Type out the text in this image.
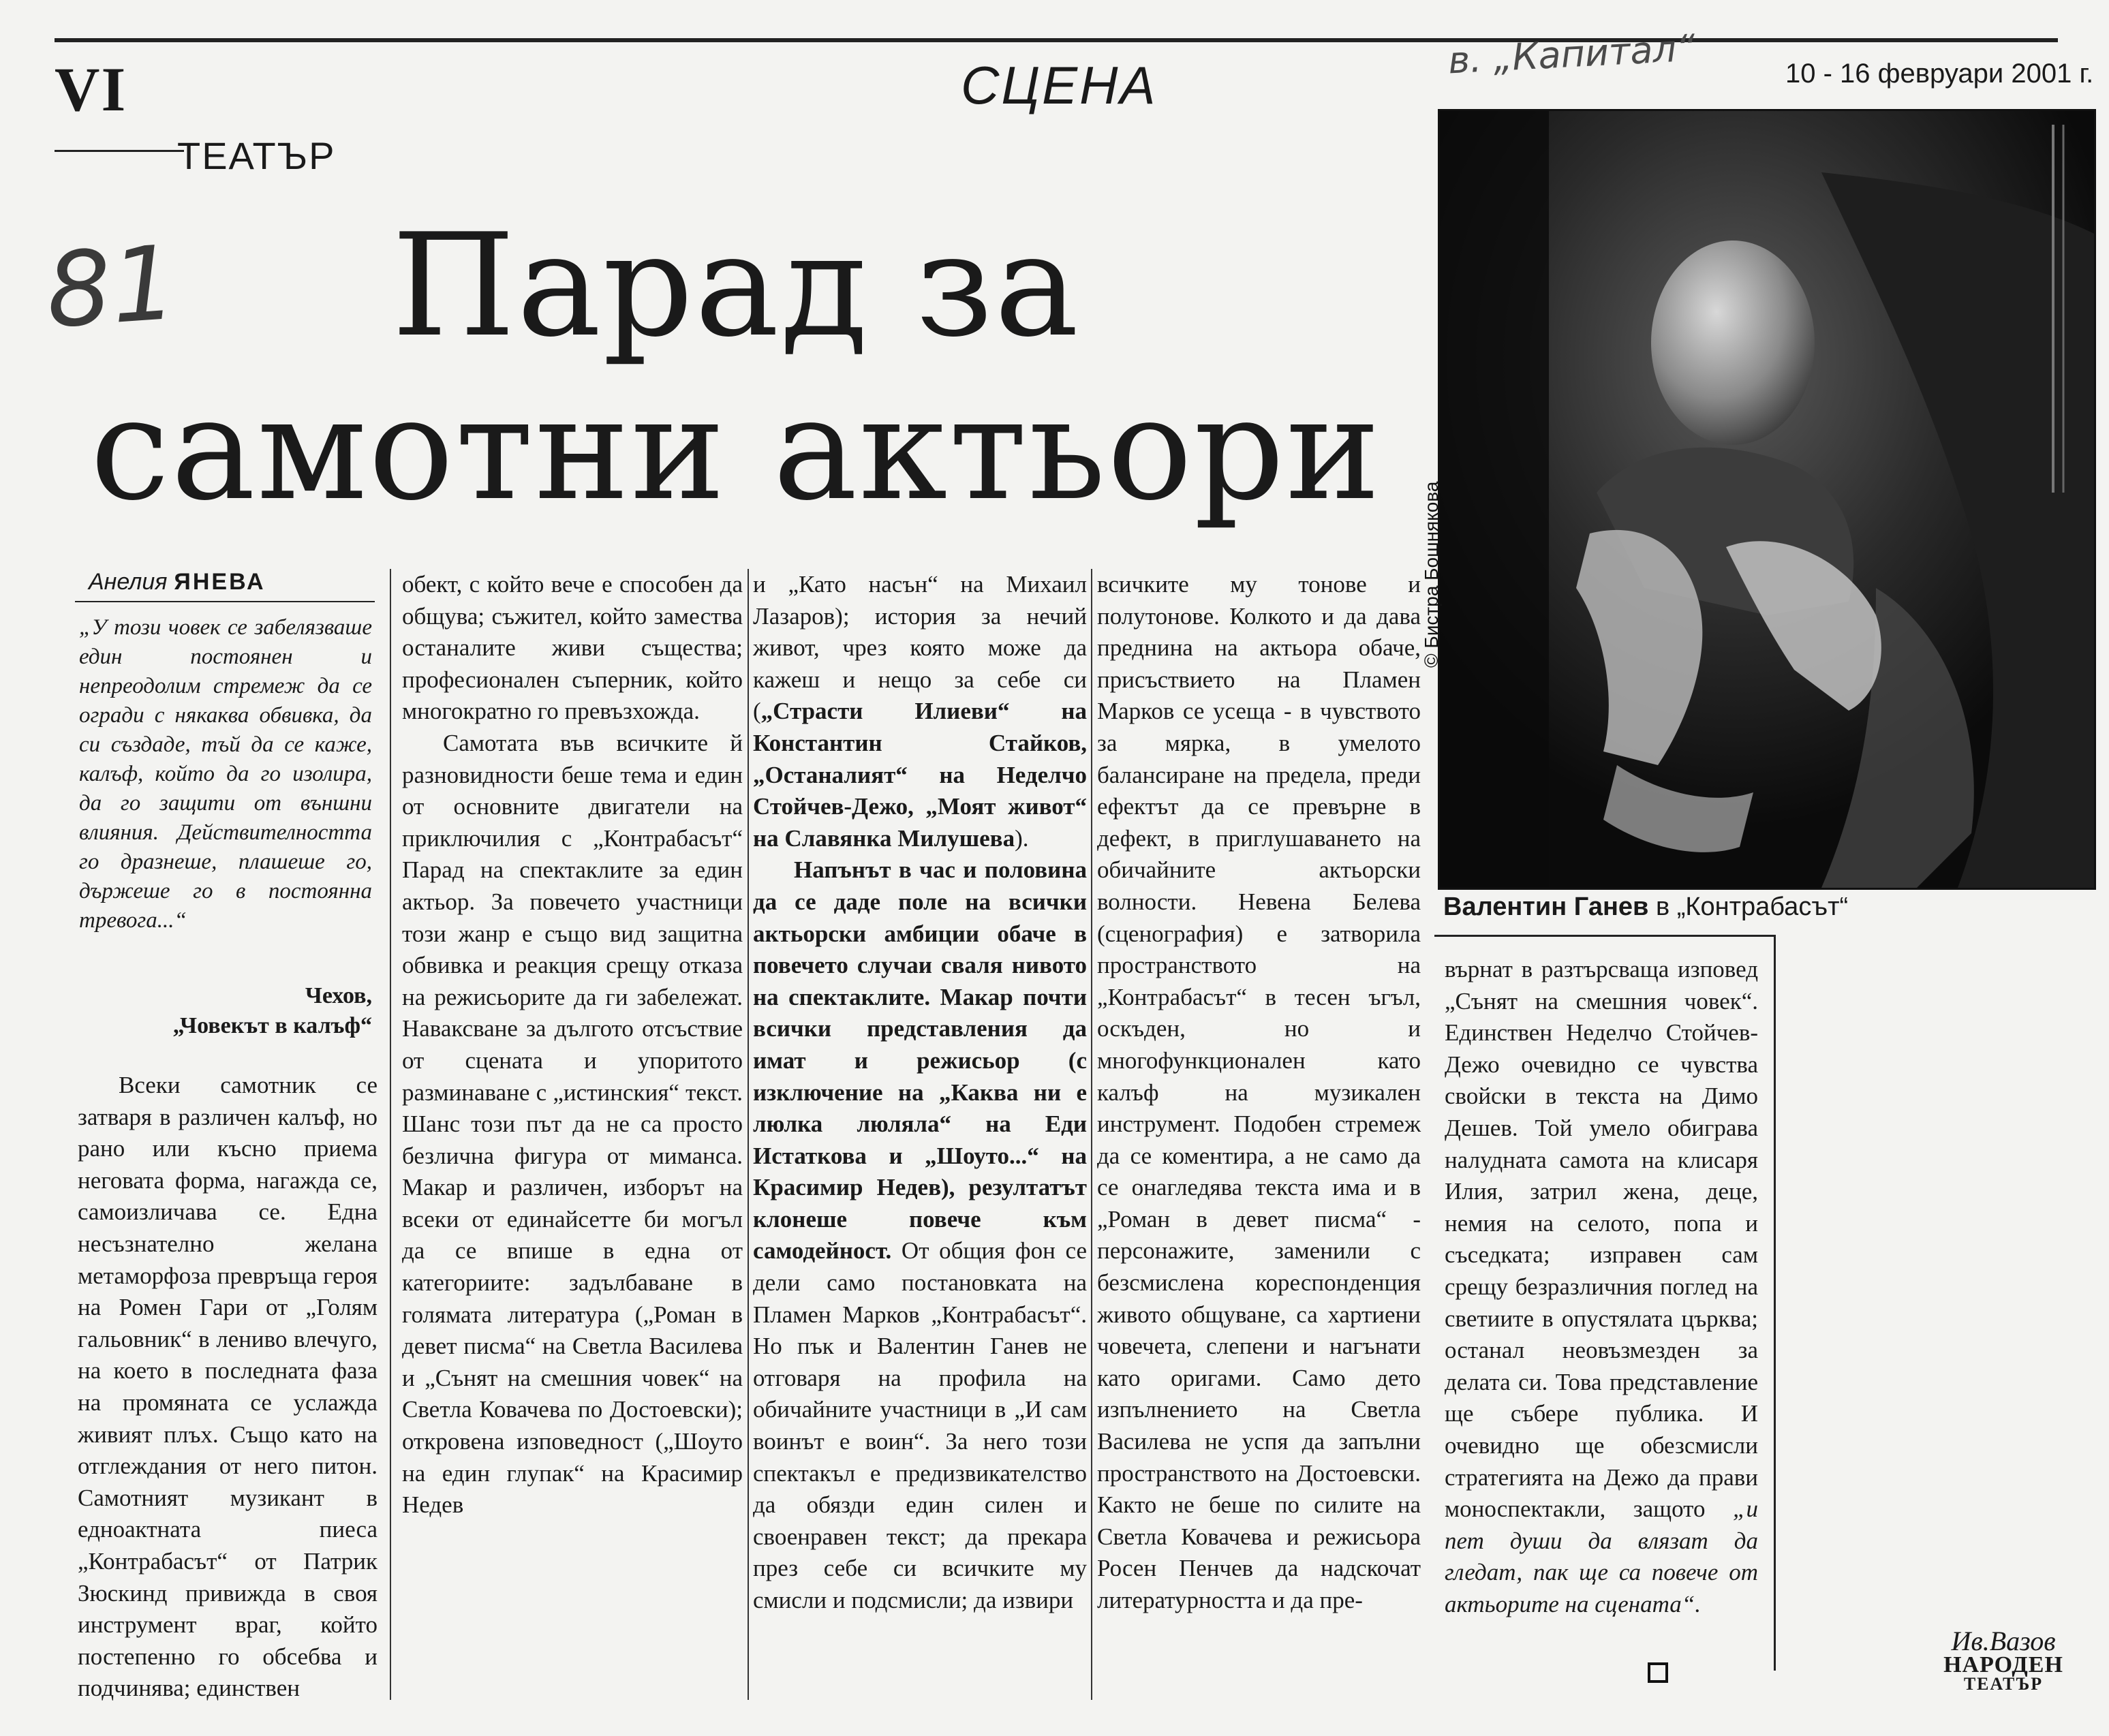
VI	СЦЕНА
в. „Капитал“	10 - 16 февруари 2001 г.
ТЕАТЪР
81	Парад за
самотни актьори
© Бистра Бошнякова
Валентин Ганев в „Контрабасът“
Анелия ЯНЕВА
„У този човек се забелязваше един постоянен и непреодолим стремеж да се огради с някаква обвивка, да си създаде, тъй да се каже, калъф, който да го изолира, да го защити от външни влияния. Действителността го дразнеше, плашеше го, държеше го в постоянна тревога...“
Чехов,
„Човекът в калъф“

Всеки самотник се затваря в различен калъф, но рано или късно приема неговата форма, нагажда се, самоизличава се. Една несъзнателно желана метаморфоза превръща героя на Ромен Гари от „Голям гальовник“ в лениво влечуго, на което в последната фаза на промяната се услажда живият плъх. Също като на отглеждания от него питон. Самотният музикант в едноактната пиеса „Контрабасът“ от Патрик Зюскинд привижда в своя инструмент враг, който постепенно го обсебва и подчинява; единствен

обект, с който вече е способен да общува; съжител, който замества останалите живи същества; професионален съперник, който многократно го превъзхожда.

Самотата във всичките й разновидности беше тема и един от основните двигатели на приключилия с „Контрабасът“ Парад на спектаклите за един актьор. За повечето участници този жанр е също вид защитна обвивка и реакция срещу отказа на режисьорите да ги забележат. Наваксване за дългото отсъствие от сцената и упоритото разминаване с „истинския“ текст. Шанс този път да не са просто безлична фигура от миманса. Макар и различен, изборът на всеки от единайсетте би могъл да се впише в една от категориите: задълбаване в голямата литература („Роман в девет писма“ на Светла Василева и „Сънят на смешния човек“ на Светла Ковачева по Достоевски); откровена изповедност („Шоуто на един глупак“ на Красимир Недев

и „Като насън“ на Михаил Лазаров); история за нечий живот, чрез която може да кажеш и нещо за себе си („Страсти Илиеви“ на Константин Стайков, „Останалият“ на Неделчо Стойчев-Дежо, „Моят живот“ на Славянка Милушева).

Напънът в час и половина да се даде поле на всички актьорски амбиции обаче в повечето случаи сваля нивото на спектаклите. Макар почти всички представления да имат и режисьор (с изключение на „Каква ни е люлка люляла“ на Еди Истаткова и „Шоуто...“ на Красимир Недев), резултатът клонеше повече към самодейност. От общия фон се дели само постановката на Пламен Марков „Контрабасът“. Но пък и Валентин Ганев не отговаря на профила на обичайните участници в „И сам воинът е воин“. За него този спектакъл е предизвикателство да обязди един силен и своенравен текст; да прекара през себе си всичките му смисли и подсмисли; да извири

всичките му тонове и полутонове. Колкото и да дава преднина на актьора обаче, присъствието на Пламен Марков се усеща - в чувството за мярка, в умелото балансиране на предела, преди ефектът да се превърне в дефект, в приглушаването на обичайните актьорски волности. Невена Белева (сценография) е затворила пространството на „Контрабасът“ в тесен ъгъл, оскъден, но и многофункционален като калъф на музикален инструмент. Подобен стремеж да се коментира, а не само да се онагледява текста има и в „Роман в девет писма“ - персонажите, заменили с безсмислена кореспонденция живото общуване, са хартиени човечета, слепени и нагънати като оригами. Само дето изпълнението на Светла Василева не успя да запълни пространството на Достоевски. Както не беше по силите на Светла Ковачева и режисьора Росен Пенчев да надскочат литературността и да пре-

върнат в разтърсваща изповед „Сънят на смешния човек“. Единствен Неделчо Стойчев-Дежо очевидно се чувства свойски в текста на Димо Дешев. Той умело обиграва налудната самота на клисаря Илия, затрил жена, деце, немия на селото, попа и съседката; изправен сам срещу безразличния поглед на светиите в опустялата църква; останал неовъзмезден за делата си. Това представление ще събере публика. И очевидно ще обезсмисли стратегията на Дежо да прави моноспектакли, защото „и пет души да влязат да гледат, пак ще са повече от актьорите на сцената“.

Ив.Вазов
НАРОДЕН
ТЕАТЪР
